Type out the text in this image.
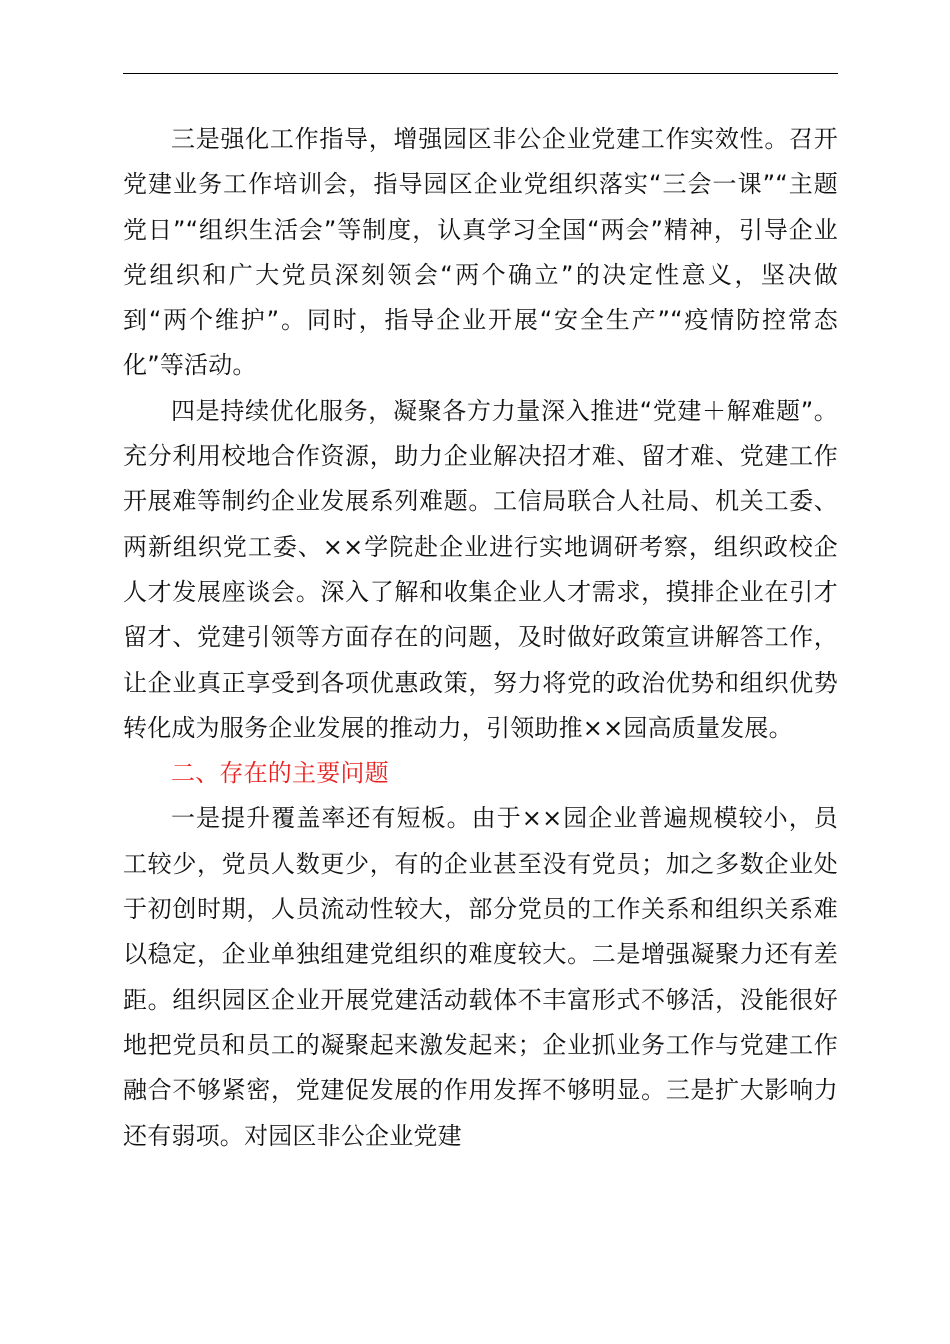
三是强化工作指导，增强园区非公企业党建工作实效性。召开党建业务工作培训会，指导园区企业党组织落实“三会一课”“主题党日”“组织生活会”等制度，认真学习全国“两会”精神，引导企业党组织和广大党员深刻领会“两个确立”的决定性意义，坚决做到“两个维护”。同时，指导企业开展“安全生产”“疫情防控常态化”等活动。

四是持续优化服务，凝聚各方力量深入推进“党建＋解难题”。充分利用校地合作资源，助力企业解决招才难、留才难、党建工作开展难等制约企业发展系列难题。工信局联合人社局、机关工委、两新组织党工委、××学院赴企业进行实地调研考察，组织政校企人才发展座谈会。深入了解和收集企业人才需求，摸排企业在引才留才、党建引领等方面存在的问题，及时做好政策宣讲解答工作，让企业真正享受到各项优惠政策，努力将党的政治优势和组织优势转化成为服务企业发展的推动力，引领助推××园高质量发展。

二、存在的主要问题

一是提升覆盖率还有短板。由于××园企业普遍规模较小，员工较少，党员人数更少，有的企业甚至没有党员；加之多数企业处于初创时期，人员流动性较大，部分党员的工作关系和组织关系难以稳定，企业单独组建党组织的难度较大。二是增强凝聚力还有差距。组织园区企业开展党建活动载体不丰富形式不够活，没能很好地把党员和员工的凝聚起来激发起来；企业抓业务工作与党建工作融合不够紧密，党建促发展的作用发挥不够明显。三是扩大影响力还有弱项。对园区非公企业党建
